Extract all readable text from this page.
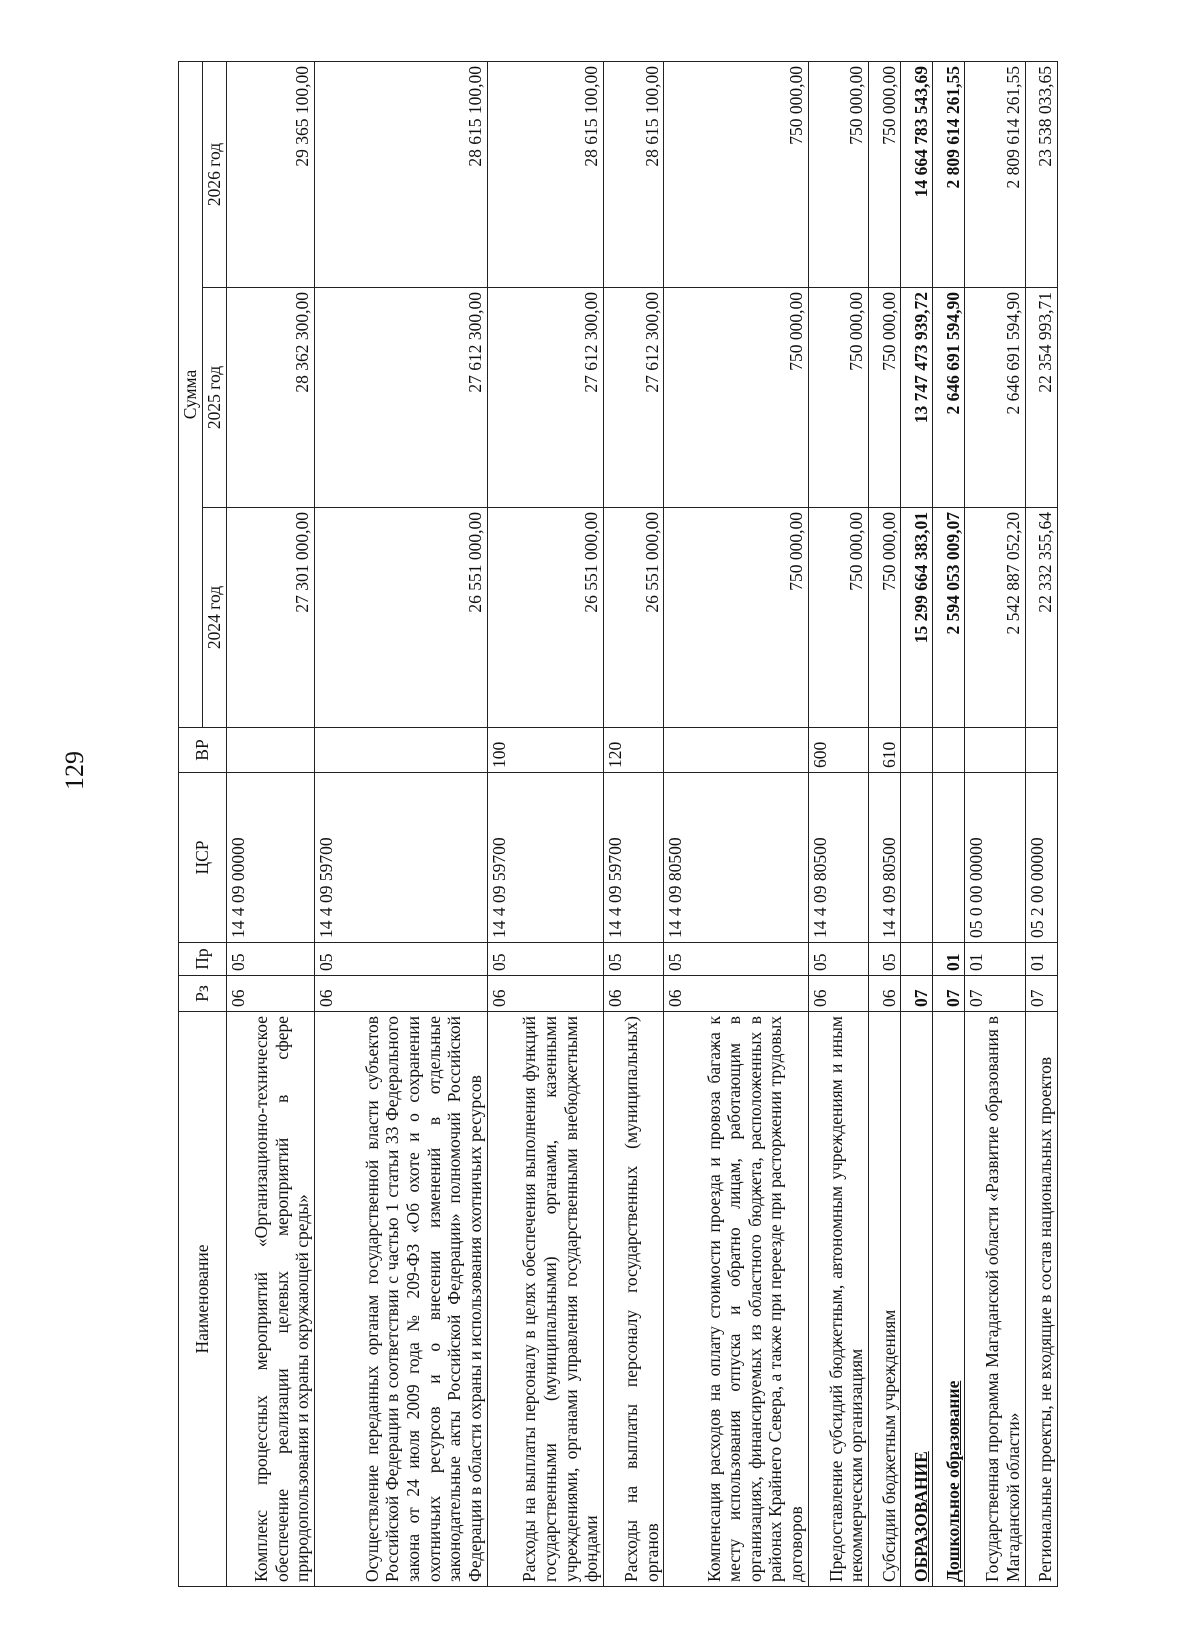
129
Наименование	Рз	Пр	ЦСР	ВР	Сумма		
					2024 год	2025 год	2026 год
Комплекс процессных мероприятий «Организационно-техническое обеспечение реализации целевых мероприятий в сфере природопользования и охраны окружающей среды»	06	05	14 4 09 00000		27 301 000,00	28 362 300,00	29 365 100,00
Осуществление переданных органам государственной власти субъектов Российской Федерации в соответствии с частью 1 статьи 33 Федерального закона от 24 июля 2009 года № 209-ФЗ «Об охоте и о сохранении охотничьих ресурсов и о внесении изменений в отдельные законодательные акты Российской Федерации» полномочий Российской Федерации в области охраны и использования охотничьих ресурсов	06	05	14 4 09 59700		26 551 000,00	27 612 300,00	28 615 100,00
Расходы на выплаты персоналу в целях обеспечения выполнения функций государственными (муниципальными) органами, казенными учреждениями, органами управления государственными внебюджетными фондами	06	05	14 4 09 59700	100	26 551 000,00	27 612 300,00	28 615 100,00
Расходы на выплаты персоналу государственных (муниципальных) органов	06	05	14 4 09 59700	120	26 551 000,00	27 612 300,00	28 615 100,00
Компенсация расходов на оплату стоимости проезда и провоза багажа к месту использования отпуска и обратно лицам, работающим в организациях, финансируемых из областного бюджета, расположенных в районах Крайнего Севера, а также при переезде при расторжении трудовых договоров	06	05	14 4 09 80500		750 000,00	750 000,00	750 000,00
Предоставление субсидий бюджетным, автономным учреждениям и иным некоммерческим организациям	06	05	14 4 09 80500	600	750 000,00	750 000,00	750 000,00
Субсидии бюджетным учреждениям	06	05	14 4 09 80500	610	750 000,00	750 000,00	750 000,00
ОБРАЗОВАНИЕ	07				15 299 664 383,01	13 747 473 939,72	14 664 783 543,69
Дошкольное образование	07	01			2 594 053 009,07	2 646 691 594,90	2 809 614 261,55
Государственная программа Магаданской области «Развитие образования в Магаданской области»	07	01	05 0 00 00000		2 542 887 052,20	2 646 691 594,90	2 809 614 261,55
Региональные проекты, не входящие в состав национальных проектов	07	01	05 2 00 00000		22 332 355,64	22 354 993,71	23 538 033,65
